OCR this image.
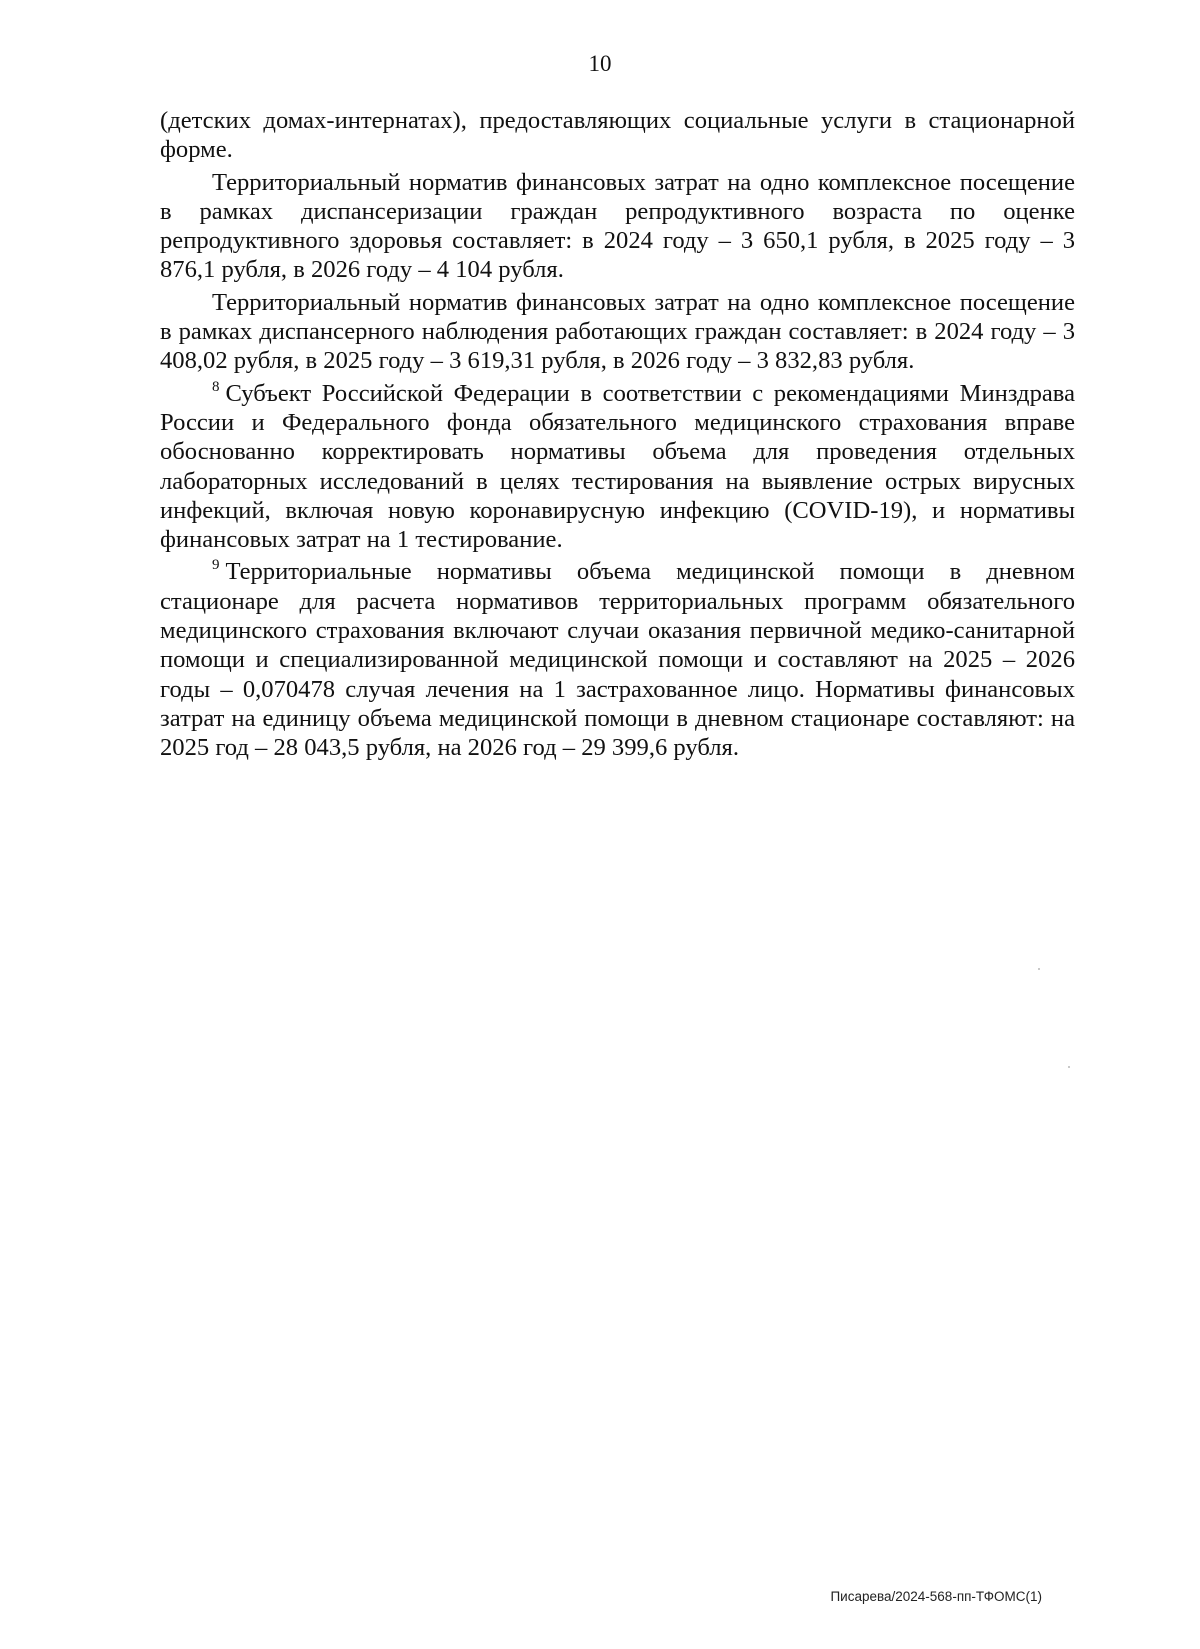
10

(детских домах-интернатах), предоставляющих социальные услуги в стационарной форме.

Территориальный норматив финансовых затрат на одно комплексное посещение в рамках диспансеризации граждан репродуктивного возраста по оценке репродуктивного здоровья составляет: в 2024 году – 3 650,1 рубля, в 2025 году – 3 876,1 рубля, в 2026 году – 4 104 рубля.

Территориальный норматив финансовых затрат на одно комплексное посещение в рамках диспансерного наблюдения работающих граждан составляет: в 2024 году – 3 408,02 рубля, в 2025 году – 3 619,31 рубля, в 2026 году – 3 832,83 рубля.

$^8$ Субъект Российской Федерации в соответствии с рекомендациями Минздрава России и Федерального фонда обязательного медицинского страхования вправе обоснованно корректировать нормативы объема для проведения отдельных лабораторных исследований в целях тестирования на выявление острых вирусных инфекций, включая новую коронавирусную инфекцию (COVID-19), и нормативы финансовых затрат на 1 тестирование.

$^9$ Территориальные нормативы объема медицинской помощи в дневном стационаре для расчета нормативов территориальных программ обязательного медицинского страхования включают случаи оказания первичной медико-санитарной помощи и специализированной медицинской помощи и составляют на 2025 – 2026 годы – 0,070478 случая лечения на 1 застрахованное лицо. Нормативы финансовых затрат на единицу объема медицинской помощи в дневном стационаре составляют: на 2025 год – 28 043,5 рубля, на 2026 год – 29 399,6 рубля.

Писарева/2024-568-пп-ТФОМС(1)
